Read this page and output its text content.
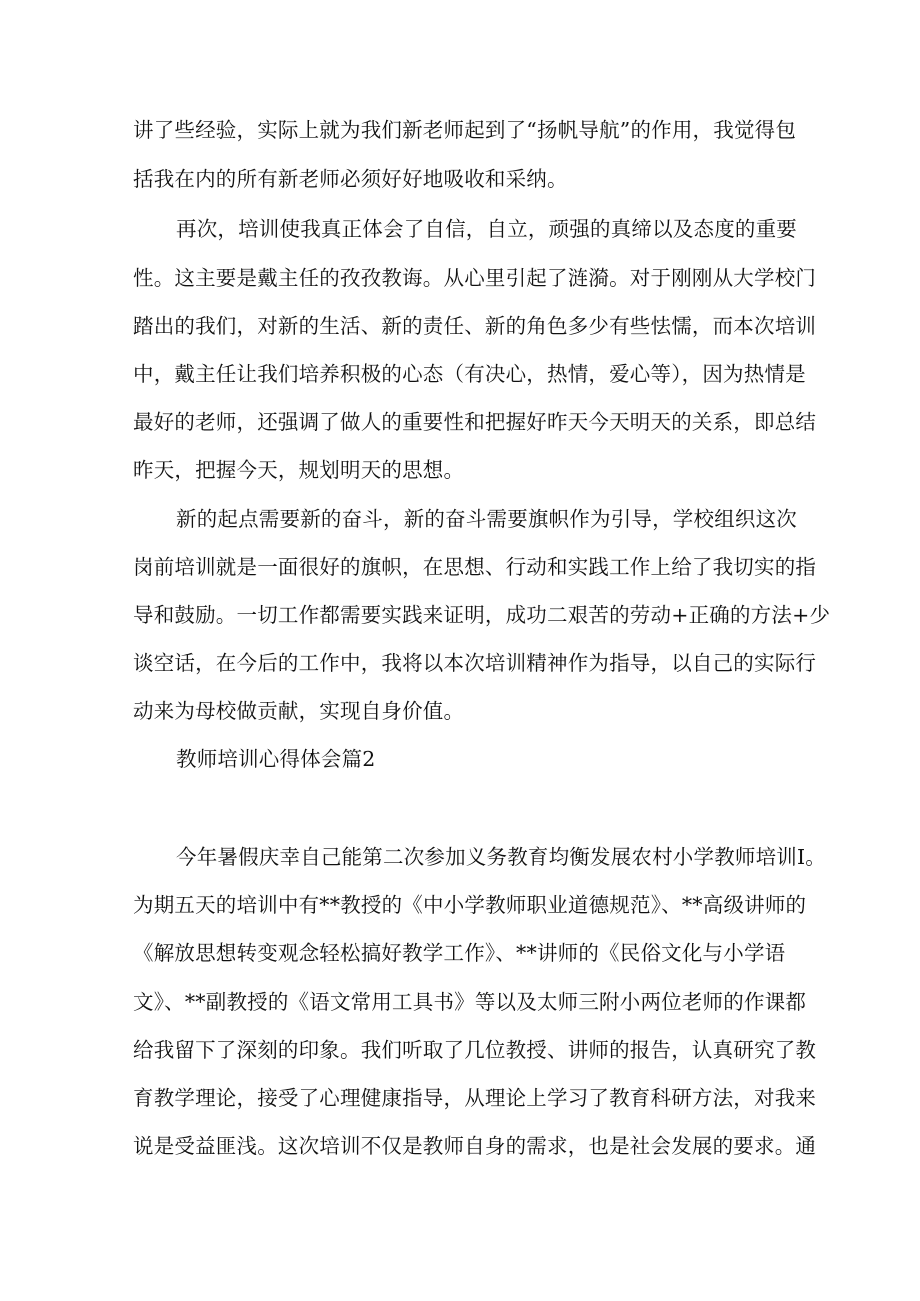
讲了些经验，实际上就为我们新老师起到了“扬帆导航”的作用，我觉得包
括我在内的所有新老师必须好好地吸收和采纳。
再次，培训使我真正体会了自信，自立，顽强的真缔以及态度的重要
性。这主要是戴主任的孜孜教诲。从心里引起了涟漪。对于刚刚从大学校门
踏出的我们，对新的生活、新的责任、新的角色多少有些怯懦，而本次培训
中，戴主任让我们培养积极的心态（有决心，热情，爱心等），因为热情是
最好的老师，还强调了做人的重要性和把握好昨天今天明天的关系，即总结
昨天，把握今天，规划明天的思想。
新的起点需要新的奋斗，新的奋斗需要旗帜作为引导，学校组织这次
岗前培训就是一面很好的旗帜，在思想、行动和实践工作上给了我切实的指
导和鼓励。一切工作都需要实践来证明，成功二艰苦的劳动+正确的方法+少
谈空话，在今后的工作中，我将以本次培训精神作为指导，以自己的实际行
动来为母校做贡献，实现自身价值。
教师培训心得体会篇2
今年暑假庆幸自己能第二次参加义务教育均衡发展农村小学教师培训I。
为期五天的培训中有**教授的《中小学教师职业道德规范》、**高级讲师的
《解放思想转变观念轻松搞好教学工作》、**讲师的《民俗文化与小学语
文》、**副教授的《语文常用工具书》等以及太师三附小两位老师的作课都
给我留下了深刻的印象。我们听取了几位教授、讲师的报告，认真研究了教
育教学理论，接受了心理健康指导，从理论上学习了教育科研方法，对我来
说是受益匪浅。这次培训不仅是教师自身的需求，也是社会发展的要求。通
